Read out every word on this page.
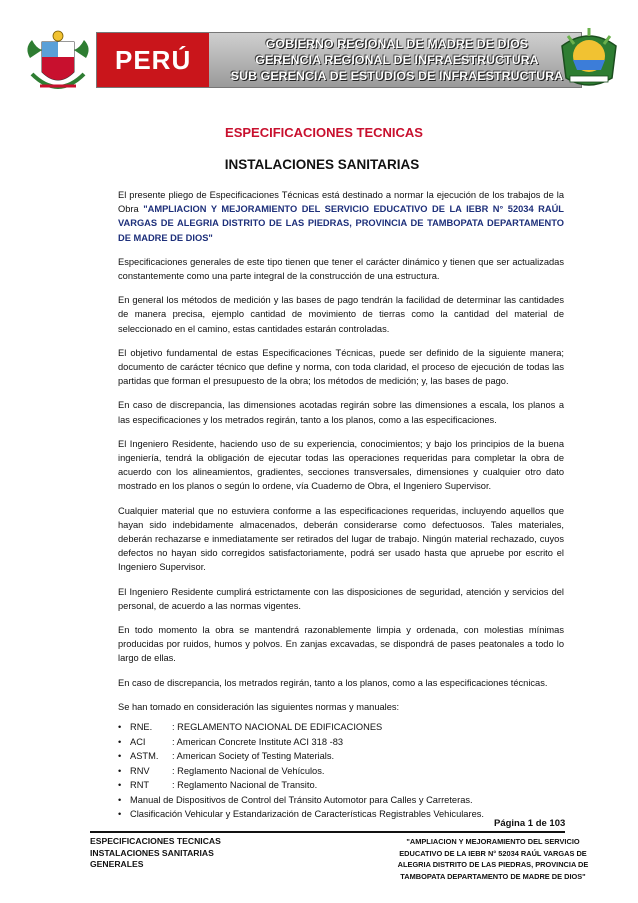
PERÚ
GOBIERNO REGIONAL DE MADRE DE DIOS
GERENCIA REGIONAL DE INFRAESTRUCTURA
SUB GERENCIA DE ESTUDIOS DE INFRAESTRUCTURA
ESPECIFICACIONES TECNICAS
INSTALACIONES SANITARIAS

El presente pliego de Especificaciones Técnicas está destinado a normar la ejecución de los trabajos de la Obra "AMPLIACION Y MEJORAMIENTO DEL SERVICIO EDUCATIVO DE LA IEBR N° 52034 RAÚL VARGAS DE ALEGRIA DISTRITO DE LAS PIEDRAS, PROVINCIA DE TAMBOPATA DEPARTAMENTO DE MADRE DE DIOS"

Especificaciones generales de este tipo tienen que tener el carácter dinámico y tienen que ser actualizadas constantemente como una parte integral de la construcción de una estructura.

En general los métodos de medición y las bases de pago tendrán la facilidad de determinar las cantidades de manera precisa, ejemplo cantidad de movimiento de tierras como la cantidad del material de seleccionado en el camino, estas cantidades estarán controladas.

El objetivo fundamental de estas Especificaciones Técnicas, puede ser definido de la siguiente manera; documento de carácter técnico que define y norma, con toda claridad, el proceso de ejecución de todas las partidas que forman el presupuesto de la obra; los métodos de medición; y, las bases de pago.

En caso de discrepancia, las dimensiones acotadas regirán sobre las dimensiones a escala, los planos a las especificaciones y los metrados regirán, tanto a los planos, como a las especificaciones.

El Ingeniero Residente, haciendo uso de su experiencia, conocimientos; y bajo los principios de la buena ingeniería, tendrá la obligación de ejecutar todas las operaciones requeridas para completar la obra de acuerdo con los alineamientos, gradientes, secciones transversales, dimensiones y cualquier otro dato mostrado en los planos o según lo ordene, vía Cuaderno de Obra, el Ingeniero Supervisor.

Cualquier material que no estuviera conforme a las especificaciones requeridas, incluyendo aquellos que hayan sido indebidamente almacenados, deberán considerarse como defectuosos. Tales materiales, deberán rechazarse e inmediatamente ser retirados del lugar de trabajo. Ningún material rechazado, cuyos defectos no hayan sido corregidos satisfactoriamente, podrá ser usado hasta que apruebe por escrito el Ingeniero Supervisor.

El Ingeniero Residente cumplirá estrictamente con las disposiciones de seguridad, atención y servicios del personal, de acuerdo a las normas vigentes.

En todo momento la obra se mantendrá razonablemente limpia y ordenada, con molestias mínimas producidas por ruidos, humos y polvos. En zanjas excavadas, se dispondrá de pases peatonales a todo lo largo de ellas.

En caso de discrepancia, los metrados regirán, tanto a los planos, como a las especificaciones técnicas.

Se han tomado en consideración las siguientes normas y manuales:

• RNE. : REGLAMENTO NACIONAL DE EDIFICACIONES
• ACI	: American Concrete Institute ACI 318 -83
• ASTM. : American Society of Testing Materials.
• RNV : Reglamento Nacional de Vehículos.
• RNT : Reglamento Nacional de Transito.
• Manual de Dispositivos de Control del Tránsito Automotor para Calles y Carreteras.
• Clasificación Vehicular y Estandarización de Características Registrables Vehiculares.
Página 1 de 103
ESPECIFICACIONES TECNICAS
INSTALACIONES SANITARIAS
GENERALES
"AMPLIACION Y MEJORAMIENTO DEL SERVICIO
EDUCATIVO DE LA IEBR N° 52034 RAÚL VARGAS DE
ALEGRIA DISTRITO DE LAS PIEDRAS, PROVINCIA DE
TAMBOPATA DEPARTAMENTO DE MADRE DE DIOS"
